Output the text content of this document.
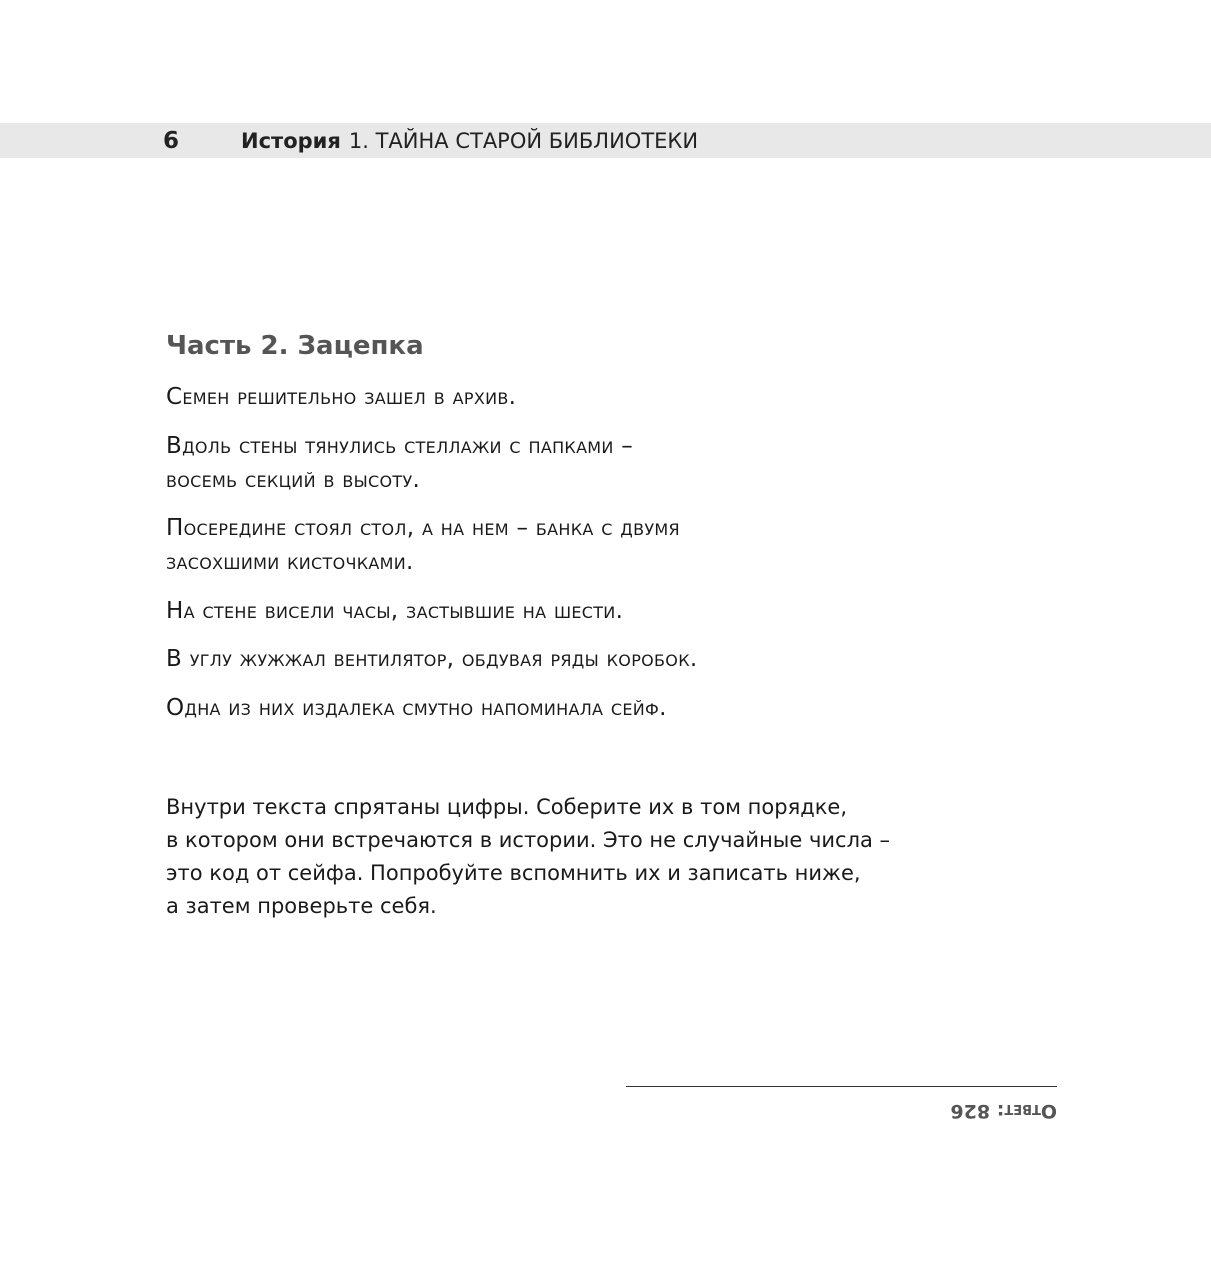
6	История 1. ТАЙНА СТАРОЙ БИБЛИОТЕКИ
Часть 2. Зацепка
Семен решительно зашел в архив.
Вдоль стены тянулись стеллажи с папками –
восемь секций в высоту.
Посередине стоял стол, а на нем – банка с двумя
засохшими кисточками.
На стене висели часы, застывшие на шести.
В углу жужжал вентилятор, обдувая ряды коробок.
Одна из них издалека смутно напоминала сейф.
Внутри текста спрятаны цифры. Соберите их в том порядке,
в котором они встречаются в истории. Это не случайные числа –
это код от сейфа. Попробуйте вспомнить их и записать ниже,
а затем проверьте себя.
Ответ: 826
